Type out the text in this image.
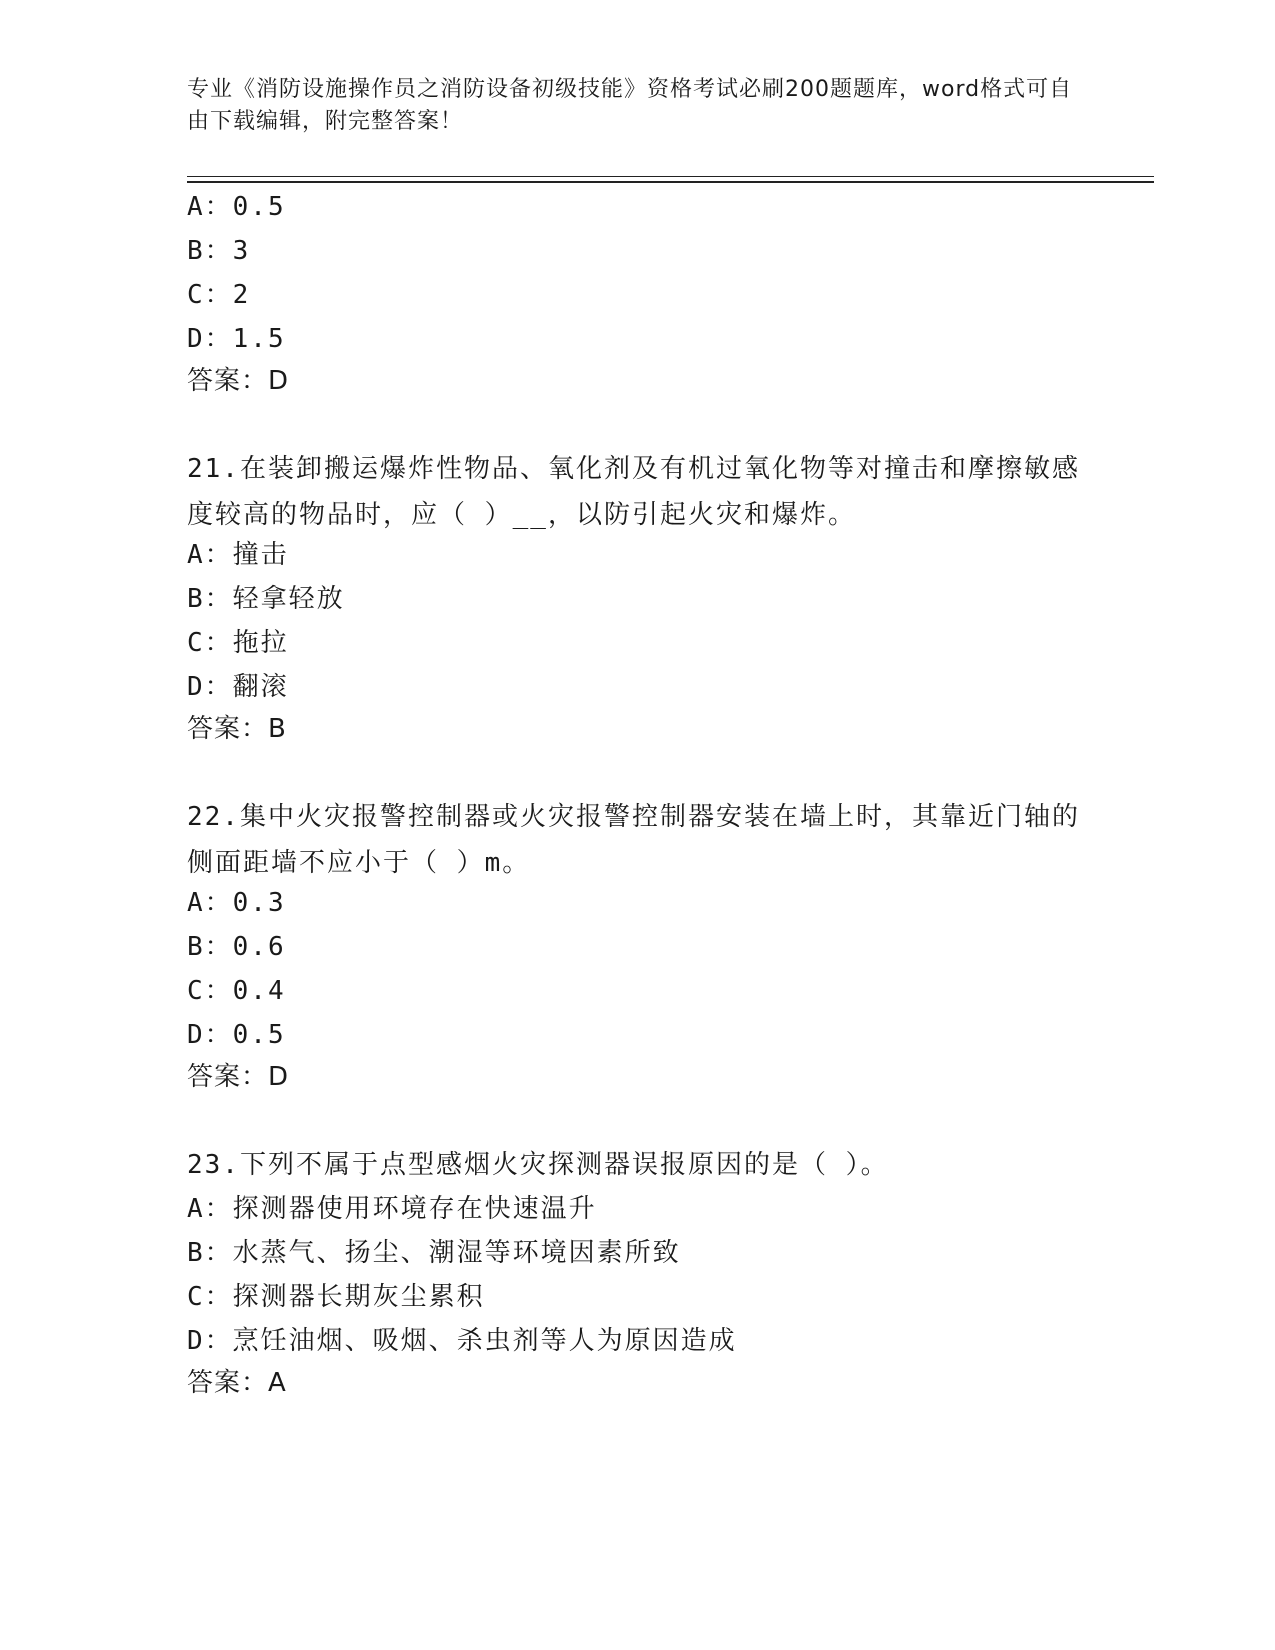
专业《消防设施操作员之消防设备初级技能》资格考试必刷200题题库，word格式可自由下载编辑，附完整答案！
A：0.5
B：3
C：2
D：1.5
答案：D
21.在装卸搬运爆炸性物品、氧化剂及有机过氧化物等对撞击和摩擦敏感度较高的物品时，应（ ）__，以防引起火灾和爆炸。
A：撞击
B：轻拿轻放
C：拖拉
D：翻滚
答案：B
22.集中火灾报警控制器或火灾报警控制器安装在墙上时，其靠近门轴的侧面距墙不应小于（ ）m。
A：0.3
B：0.6
C：0.4
D：0.5
答案：D
23.下列不属于点型感烟火灾探测器误报原因的是（ ）。
A：探测器使用环境存在快速温升
B：水蒸气、扬尘、潮湿等环境因素所致
C：探测器长期灰尘累积
D：烹饪油烟、吸烟、杀虫剂等人为原因造成
答案：A
